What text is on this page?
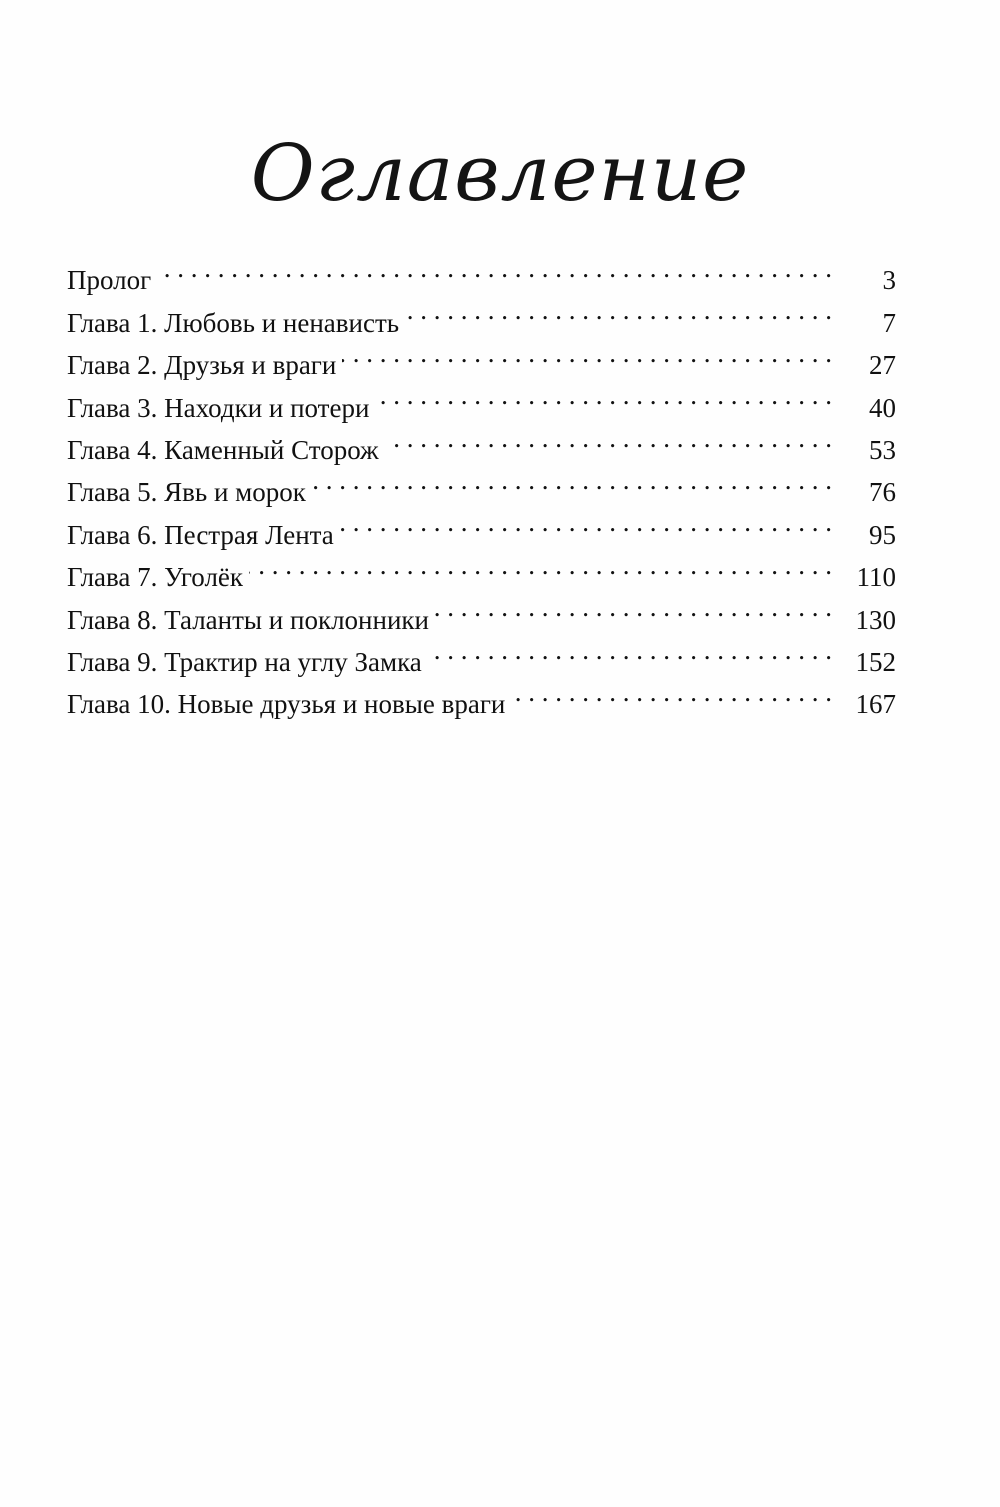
Оглавление
Пролог . . .	3
Глава 1. Любовь и ненависть . . .	7
Глава 2. Друзья и враги . . .	27
Глава 3. Находки и потери . . .	40
Глава 4. Каменный Сторож . . .	53
Глава 5. Явь и морок . . .	76
Глава 6. Пестрая Лента . . .	95
Глава 7. Уголёк . . .	110
Глава 8. Таланты и поклонники . . .	130
Глава 9. Трактир на углу Замка . . .	152
Глава 10. Новые друзья и новые враги . . .	167
